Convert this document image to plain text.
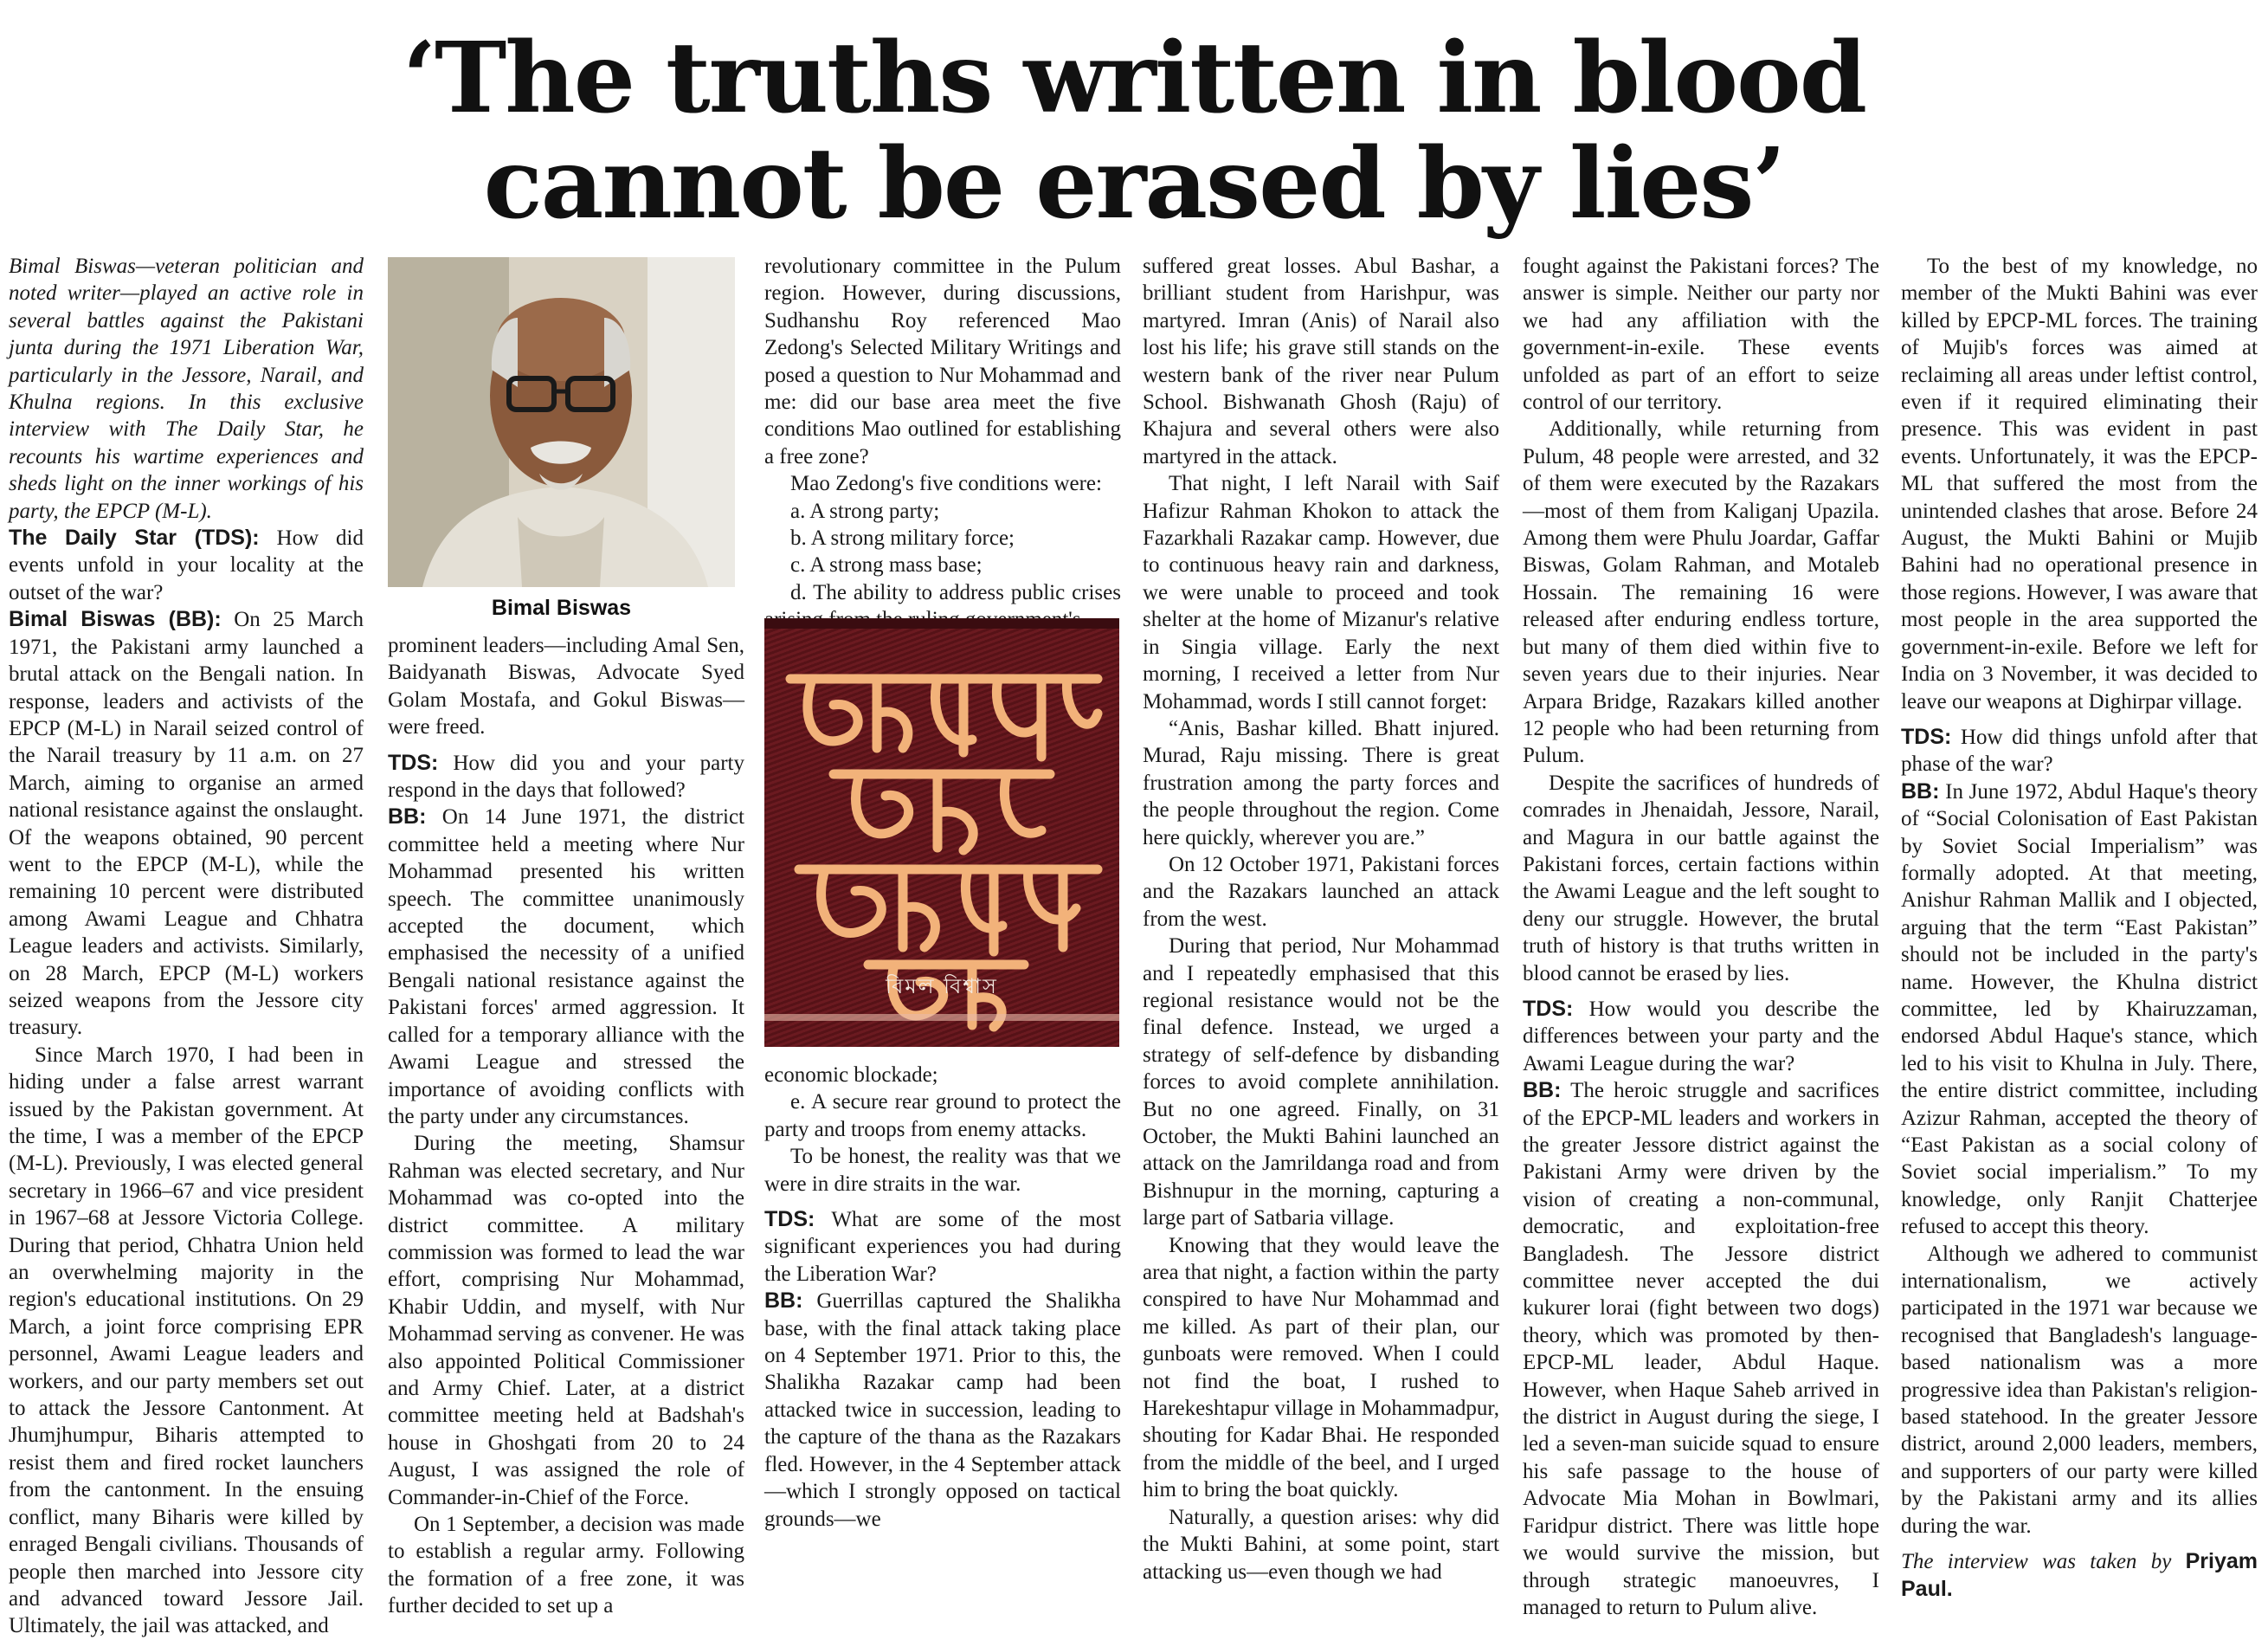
‘The truths written in blood
cannot be erased by lies’

Bimal Biswas—veteran politician and noted writer—played an active role in several battles against the Pakistani junta during the 1971 Liberation War, particularly in the Jessore, Narail, and Khulna regions. In this exclusive interview with The Daily Star, he recounts his wartime experiences and sheds light on the inner workings of his party, the EPCP (M-L).

The Daily Star (TDS): How did events unfold in your locality at the outset of the war?

Bimal Biswas (BB): On 25 March 1971, the Pakistani army launched a brutal attack on the Bengali nation. In response, leaders and activists of the EPCP (M-L) in Narail seized control of the Narail treasury by 11 a.m. on 27 March, aiming to organise an armed national resistance against the onslaught. Of the weapons obtained, 90 percent went to the EPCP (M-L), while the remaining 10 percent were distributed among Awami League and Chhatra League leaders and activists. Similarly, on 28 March, EPCP (M-L) workers seized weapons from the Jessore city treasury.

Since March 1970, I had been in hiding under a false arrest warrant issued by the Pakistan government. At the time, I was a member of the EPCP (M-L). Previously, I was elected general secretary in 1966–67 and vice president in 1967–68 at Jessore Victoria College. During that period, Chhatra Union held an overwhelming majority in the region's educational institutions. On 29 March, a joint force comprising EPR personnel, Awami League leaders and workers, and our party members set out to attack the Jessore Cantonment. At Jhumjhumpur, Biharis attempted to resist them and fired rocket launchers from the cantonment. In the ensuing conflict, many Biharis were killed by enraged Bengali civilians. Thousands of people then marched into Jessore city and advanced toward Jessore Jail. Ultimately, the jail was attacked, and

Bimal Biswas

prominent leaders—including Amal Sen, Baidyanath Biswas, Advocate Syed Golam Mostafa, and Gokul Biswas—were freed.

TDS: How did you and your party respond in the days that followed?

BB: On 14 June 1971, the district committee held a meeting where Nur Mohammad presented his written speech. The committee unanimously accepted the document, which emphasised the necessity of a unified Bengali national resistance against the Pakistani forces' armed aggression. It called for a temporary alliance with the Awami League and stressed the importance of avoiding conflicts with the party under any circumstances.

During the meeting, Shamsur Rahman was elected secretary, and Nur Mohammad was co-opted into the district committee. A military commission was formed to lead the war effort, comprising Nur Mohammad, Khabir Uddin, and myself, with Nur Mohammad serving as convener. He was also appointed Political Commissioner and Army Chief. Later, at a district committee meeting held at Badshah's house in Ghoshgati from 20 to 24 August, I was assigned the role of Commander-in-Chief of the Force.

On 1 September, a decision was made to establish a regular army. Following the formation of a free zone, it was further decided to set up a

revolutionary committee in the Pulum region. However, during discussions, Sudhanshu Roy referenced Mao Zedong's Selected Military Writings and posed a question to Nur Mohammad and me: did our base area meet the five conditions Mao outlined for establishing a free zone?

Mao Zedong's five conditions were:

a. A strong party;

b. A strong military force;

c. A strong mass base;

d. The ability to address public crises

বিমল বিশ্বাস

economic blockade;

e. A secure rear ground to protect the party and troops from enemy attacks.

To be honest, the reality was that we were in dire straits in the war.

TDS: What are some of the most significant experiences you had during the Liberation War?

BB: Guerrillas captured the Shalikha base, with the final attack taking place on 4 September 1971. Prior to this, the Shalikha Razakar camp had been attacked twice in succession, leading to the capture of the thana as the Razakars fled. However, in the 4 September attack—which I strongly opposed on tactical grounds—we

suffered great losses. Abul Bashar, a brilliant student from Harishpur, was martyred. Imran (Anis) of Narail also lost his life; his grave still stands on the western bank of the river near Pulum School. Bishwanath Ghosh (Raju) of Khajura and several others were also martyred in the attack.

That night, I left Narail with Saif Hafizur Rahman Khokon to attack the Fazarkhali Razakar camp. However, due to continuous heavy rain and darkness, we were unable to proceed and took shelter at the home of Mizanur's relative in Singia village. Early the next morning, I received a letter from Nur Mohammad, words I still cannot forget:

“Anis, Bashar killed. Bhatt injured. Murad, Raju missing. There is great frustration among the party forces and the people throughout the region. Come here quickly, wherever you are.”

On 12 October 1971, Pakistani forces and the Razakars launched an attack from the west.

During that period, Nur Mohammad and I repeatedly emphasised that this regional resistance would not be the final defence. Instead, we urged a strategy of self-defence by disbanding forces to avoid complete annihilation. But no one agreed. Finally, on 31 October, the Mukti Bahini launched an attack on the Jamrildanga road and from Bishnupur in the morning, capturing a large part of Satbaria village.

Knowing that they would leave the area that night, a faction within the party conspired to have Nur Mohammad and me killed. As part of their plan, our gunboats were removed. When I could not find the boat, I rushed to Harekeshtapur village in Mohammadpur, shouting for Kadar Bhai. He responded from the middle of the beel, and I urged him to bring the boat quickly.

Naturally, a question arises: why did the Mukti Bahini, at some point, start attacking us—even though we had

fought against the Pakistani forces? The answer is simple. Neither our party nor we had any affiliation with the government-in-exile. These events unfolded as part of an effort to seize control of our territory.

Additionally, while returning from Pulum, 48 people were arrested, and 32 of them were executed by the Razakars—most of them from Kaliganj Upazila. Among them were Phulu Joardar, Gaffar Biswas, Golam Rahman, and Motaleb Hossain. The remaining 16 were released after enduring endless torture, but many of them died within five to seven years due to their injuries. Near Arpara Bridge, Razakars killed another 12 people who had been returning from Pulum.

Despite the sacrifices of hundreds of comrades in Jhenaidah, Jessore, Narail, and Magura in our battle against the Pakistani forces, certain factions within the Awami League and the left sought to deny our struggle. However, the brutal truth of history is that truths written in blood cannot be erased by lies.

TDS: How would you describe the differences between your party and the Awami League during the war?

BB: The heroic struggle and sacrifices of the EPCP-ML leaders and workers in the greater Jessore district against the Pakistani Army were driven by the vision of creating a non-communal, democratic, and exploitation-free Bangladesh. The Jessore district committee never accepted the dui kukurer lorai (fight between two dogs) theory, which was promoted by then-EPCP-ML leader, Abdul Haque. However, when Haque Saheb arrived in the district in August during the siege, I led a seven-man suicide squad to ensure his safe passage to the house of Advocate Mia Mohan in Bowlmari, Faridpur district. There was little hope we would survive the mission, but through strategic manoeuvres, I managed to return to Pulum alive.

To the best of my knowledge, no member of the Mukti Bahini was ever killed by EPCP-ML forces. The training of Mujib's forces was aimed at reclaiming all areas under leftist control, even if it required eliminating their presence. This was evident in past events. Unfortunately, it was the EPCP-ML that suffered the most from the unintended clashes that arose. Before 24 August, the Mukti Bahini or Mujib Bahini had no operational presence in those regions. However, I was aware that most people in the area supported the government-in-exile. Before we left for India on 3 November, it was decided to leave our weapons at Dighirpar village.

TDS: How did things unfold after that phase of the war?

BB: In June 1972, Abdul Haque's theory of “Social Colonisation of East Pakistan by Soviet Social Imperialism” was formally adopted. At that meeting, Anishur Rahman Mallik and I objected, arguing that the term “East Pakistan” should not be included in the party's name. However, the Khulna district committee, led by Khairuzzaman, endorsed Abdul Haque's stance, which led to his visit to Khulna in July. There, the entire district committee, including Azizur Rahman, accepted the theory of “East Pakistan as a social colony of Soviet social imperialism.” To my knowledge, only Ranjit Chatterjee refused to accept this theory.

Although we adhered to communist internationalism, we actively participated in the 1971 war because we recognised that Bangladesh's language-based nationalism was a more progressive idea than Pakistan's religion-based statehood. In the greater Jessore district, around 2,000 leaders, members, and supporters of our party were killed by the Pakistani army and its allies during the war.

The interview was taken by Priyam Paul.
